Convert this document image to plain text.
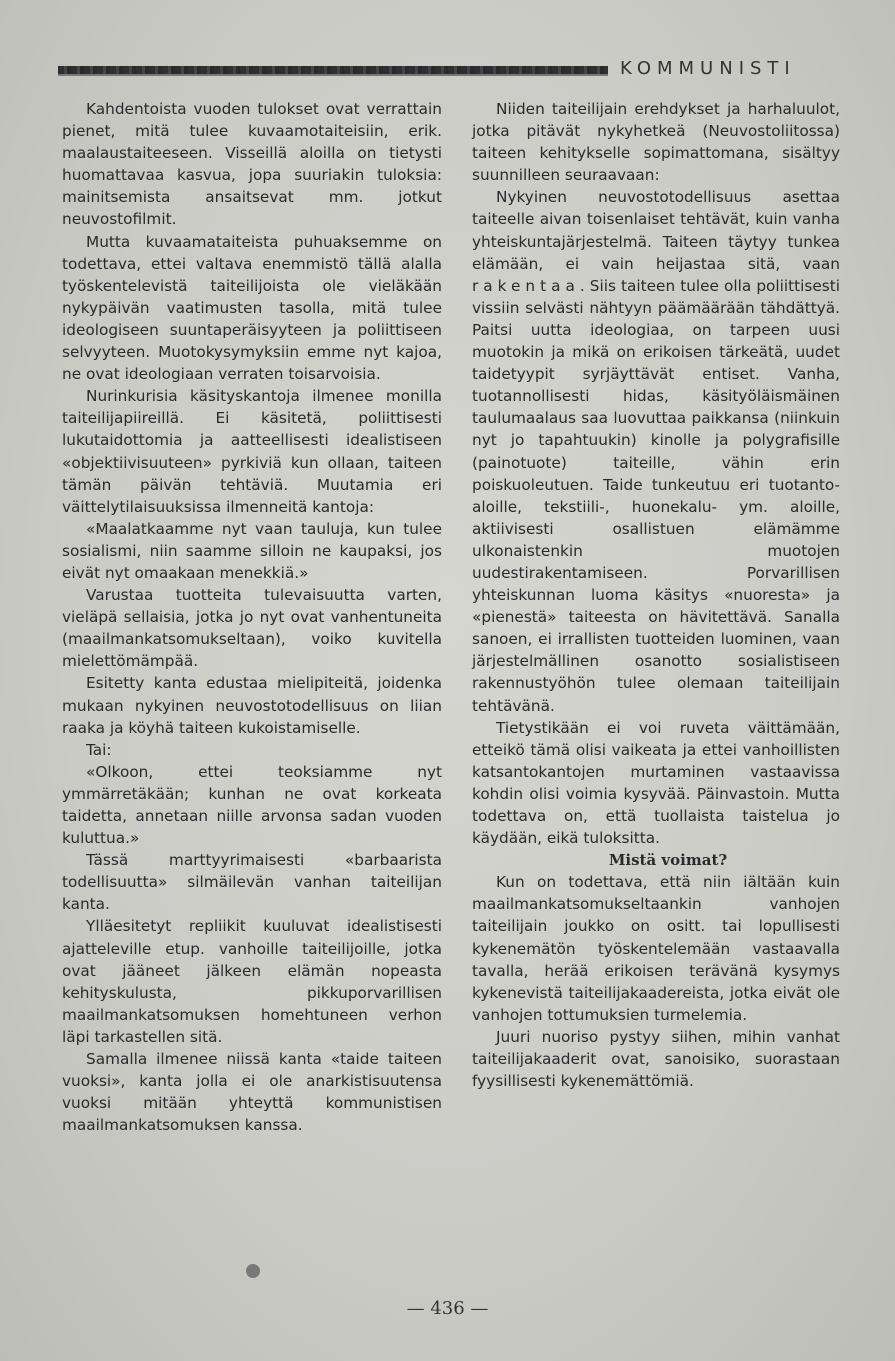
KOMMUNISTI

Kahdentoista vuoden tulokset ovat verrattain pienet, mitä tulee kuvaamotaiteisiin, erik. maalaustaiteeseen. Visseillä aloilla on tietysti huomattavaa kasvua, jopa suuriakin tuloksia: mainitsemista ansaitsevat mm. jotkut neuvostofilmit.

Mutta kuvaamataiteista puhuaksemme on todettava, ettei valtava enemmistö tällä alalla työskentelevistä taiteilijoista ole vieläkään nykypäivän vaatimusten tasolla, mitä tulee ideologiseen suuntaperäisyyteen ja poliittiseen selvyyteen. Muotokysymyksiin emme nyt kajoa, ne ovat ideologiaan verraten toisarvoisia.

Nurinkurisia käsityskantoja ilmenee monilla taiteilijapiireillä. Ei käsitetä, poliittisesti lukutaidottomia ja aatteellisesti idealistiseen «objektiivisuuteen» pyrkiviä kun ollaan, taiteen tämän päivän tehtäviä. Muutamia eri väittelytilaisuuksissa ilmenneitä kantoja:

«Maalatkaamme nyt vaan tauluja, kun tulee sosialismi, niin saamme silloin ne kaupaksi, jos eivät nyt omaakaan menekkiä.»

Varustaa tuotteita tulevaisuutta varten, vieläpä sellaisia, jotka jo nyt ovat vanhentuneita (maailmankatsomukseltaan), voiko kuvitella mielettömämpää.

Esitetty kanta edustaa mielipiteitä, joidenka mukaan nykyinen neuvostotodellisuus on liian raaka ja köyhä taiteen kukoistamiselle.

Tai:

«Olkoon, ettei teoksiamme nyt ymmärretäkään; kunhan ne ovat korkeata taidetta, annetaan niille arvonsa sadan vuoden kuluttua.»

Tässä marttyyrimaisesti «barbaarista todellisuutta» silmäilevän vanhan taiteilijan kanta.

Ylläesitetyt repliikit kuuluvat idealistisesti ajatteleville etup. vanhoille taiteilijoille, jotka ovat jääneet jälkeen elämän nopeasta kehityskulusta, pikkuporvarillisen maailmankatsomuksen homehtuneen verhon läpi tarkastellen sitä.

Samalla ilmenee niissä kanta «taide taiteen vuoksi», kanta jolla ei ole anarkistisuutensa vuoksi mitään yhteyttä kommunistisen maailmankatsomuksen kanssa.

Niiden taiteilijain erehdykset ja harhaluulot, jotka pitävät nykyhetkeä (Neuvostoliitossa) taiteen kehitykselle sopimattomana, sisältyy suunnilleen seuraavaan:

Nykyinen neuvostotodellisuus asettaa taiteelle aivan toisenlaiset tehtävät, kuin vanha yhteiskuntajärjestelmä. Taiteen täytyy tunkea elämään, ei vain heijastaa sitä, vaan rakentaa. Siis taiteen tulee olla poliittisesti vissiin selvästi nähtyyn päämäärään tähdättyä. Paitsi uutta ideologiaa, on tarpeen uusi muotokin ja mikä on erikoisen tärkeätä, uudet taidetyypit syrjäyttävät entiset. Vanha, tuotannollisesti hidas, käsityöläismäinen taulumaalaus saa luovuttaa paikkansa (niinkuin nyt jo tapahtuukin) kinolle ja polygrafisille (painotuote) taiteille, vähin erin poiskuoleutuen. Taide tunkeutuu eri tuotanto-aloille, tekstiili-, huonekalu- ym. aloille, aktiivisesti osallistuen elämämme ulkonaistenkin muotojen uudestirakentamiseen. Porvarillisen yhteiskunnan luoma käsitys «nuoresta» ja «pienestä» taiteesta on hävitettävä. Sanalla sanoen, ei irrallisten tuotteiden luominen, vaan järjestelmällinen osanotto sosialistiseen rakennustyöhön tulee olemaan taiteilijain tehtävänä.

Tietystikään ei voi ruveta väittämään, etteikö tämä olisi vaikeata ja ettei vanhoillisten katsantokantojen murtaminen vastaavissa kohdin olisi voimia kysyvää. Päinvastoin. Mutta todettava on, että tuollaista taistelua jo käydään, eikä tuloksitta.

Mistä voimat?

Kun on todettava, että niin iältään kuin maailmankatsomukseltaankin vanhojen taiteilijain joukko on ositt. tai lopullisesti kykenemätön työskentelemään vastaavalla tavalla, herää erikoisen terävänä kysymys kykenevistä taiteilijakaadereista, jotka eivät ole vanhojen tottumuksien turmelemia.

Juuri nuoriso pystyy siihen, mihin vanhat taiteilijakaaderit ovat, sanoisiko, suorastaan fyysillisesti kykenemättömiä.

— 436 —
